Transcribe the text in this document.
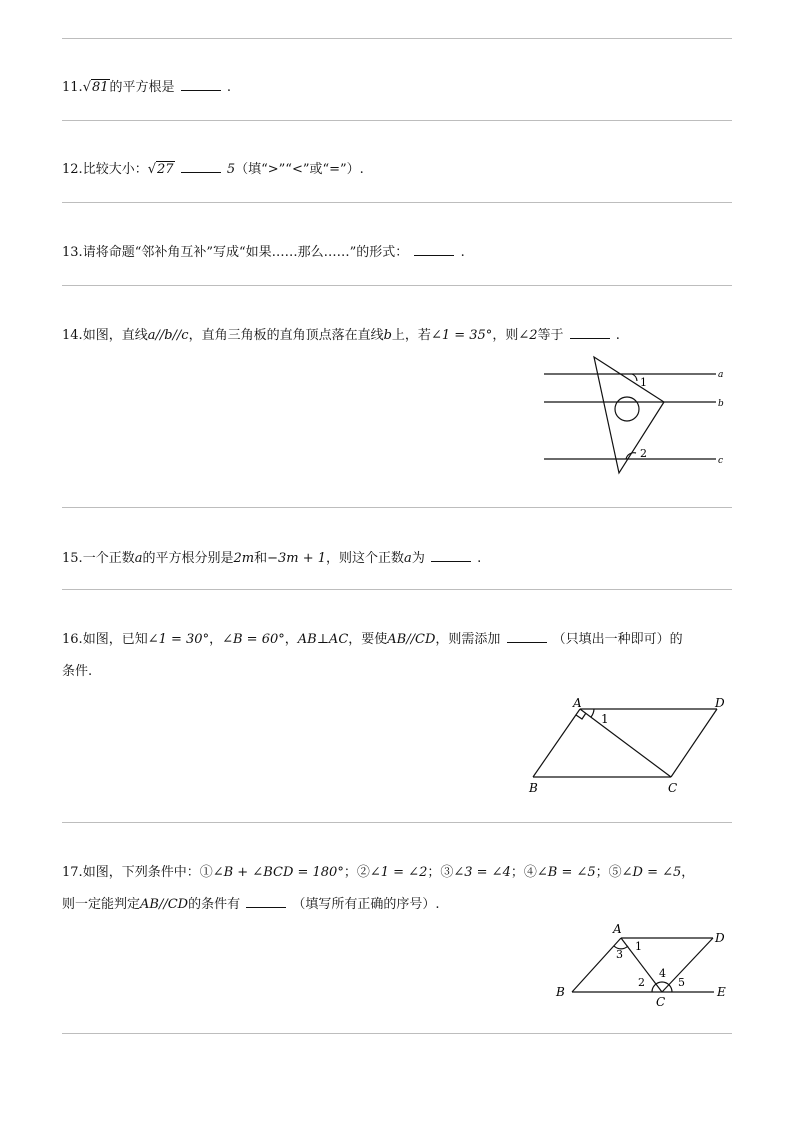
11.√81的平方根是	.
12.比较大小：√27	5（填“>”“<”或“=”）.
13.请将命题“邻补角互补”写成“如果……那么……”的形式：	.
14.如图，直线a//b//c，直角三角板的直角顶点落在直线b上，若∠1 = 35°，则∠2等于	.
a
b
c
1
2
15.一个正数a的平方根分别是2m和−3m + 1，则这个正数a为	.
16.如图，已知∠1 = 30°，∠B = 60°，AB⊥AC，要使AB//CD，则需添加	（只填出一种即可）的
条件.
A	D
B	C
1
17.如图，下列条件中：①∠B + ∠BCD = 180°；②∠1 = ∠2；③∠3 = ∠4；④∠B = ∠5；⑤∠D = ∠5，
则一定能判定AB//CD的条件有	（填写所有正确的序号）.
A
D
B
C
E
1
2
3
4
5
